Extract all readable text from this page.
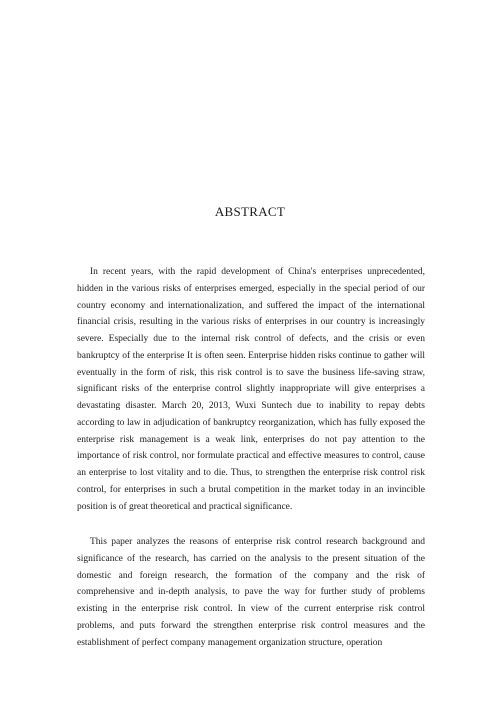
ABSTRACT

In recent years, with the rapid development of China's enterprises unprecedented, hidden in the various risks of enterprises emerged, especially in the special period of our country economy and internationalization, and suffered the impact of the international financial crisis, resulting in the various risks of enterprises in our country is increasingly severe. Especially due to the internal risk control of defects, and the crisis or even bankruptcy of the enterprise It is often seen. Enterprise hidden risks continue to gather will eventually in the form of risk, this risk control is to save the business life-saving straw, significant risks of the enterprise control slightly inappropriate will give enterprises a devastating disaster. March 20, 2013, Wuxi Suntech due to inability to repay debts according to law in adjudication of bankruptcy reorganization, which has fully exposed the enterprise risk management is a weak link, enterprises do not pay attention to the importance of risk control, nor formulate practical and effective measures to control, cause an enterprise to lost vitality and to die. Thus, to strengthen the enterprise risk control risk control, for enterprises in such a brutal competition in the market today in an invincible position is of great theoretical and practical significance.

This paper analyzes the reasons of enterprise risk control research background and significance of the research, has carried on the analysis to the present situation of the domestic and foreign research, the formation of the company and the risk of comprehensive and in-depth analysis, to pave the way for further study of problems existing in the enterprise risk control. In view of the current enterprise risk control problems, and puts forward the strengthen enterprise risk control measures and the establishment of perfect company management organization structure, operation
